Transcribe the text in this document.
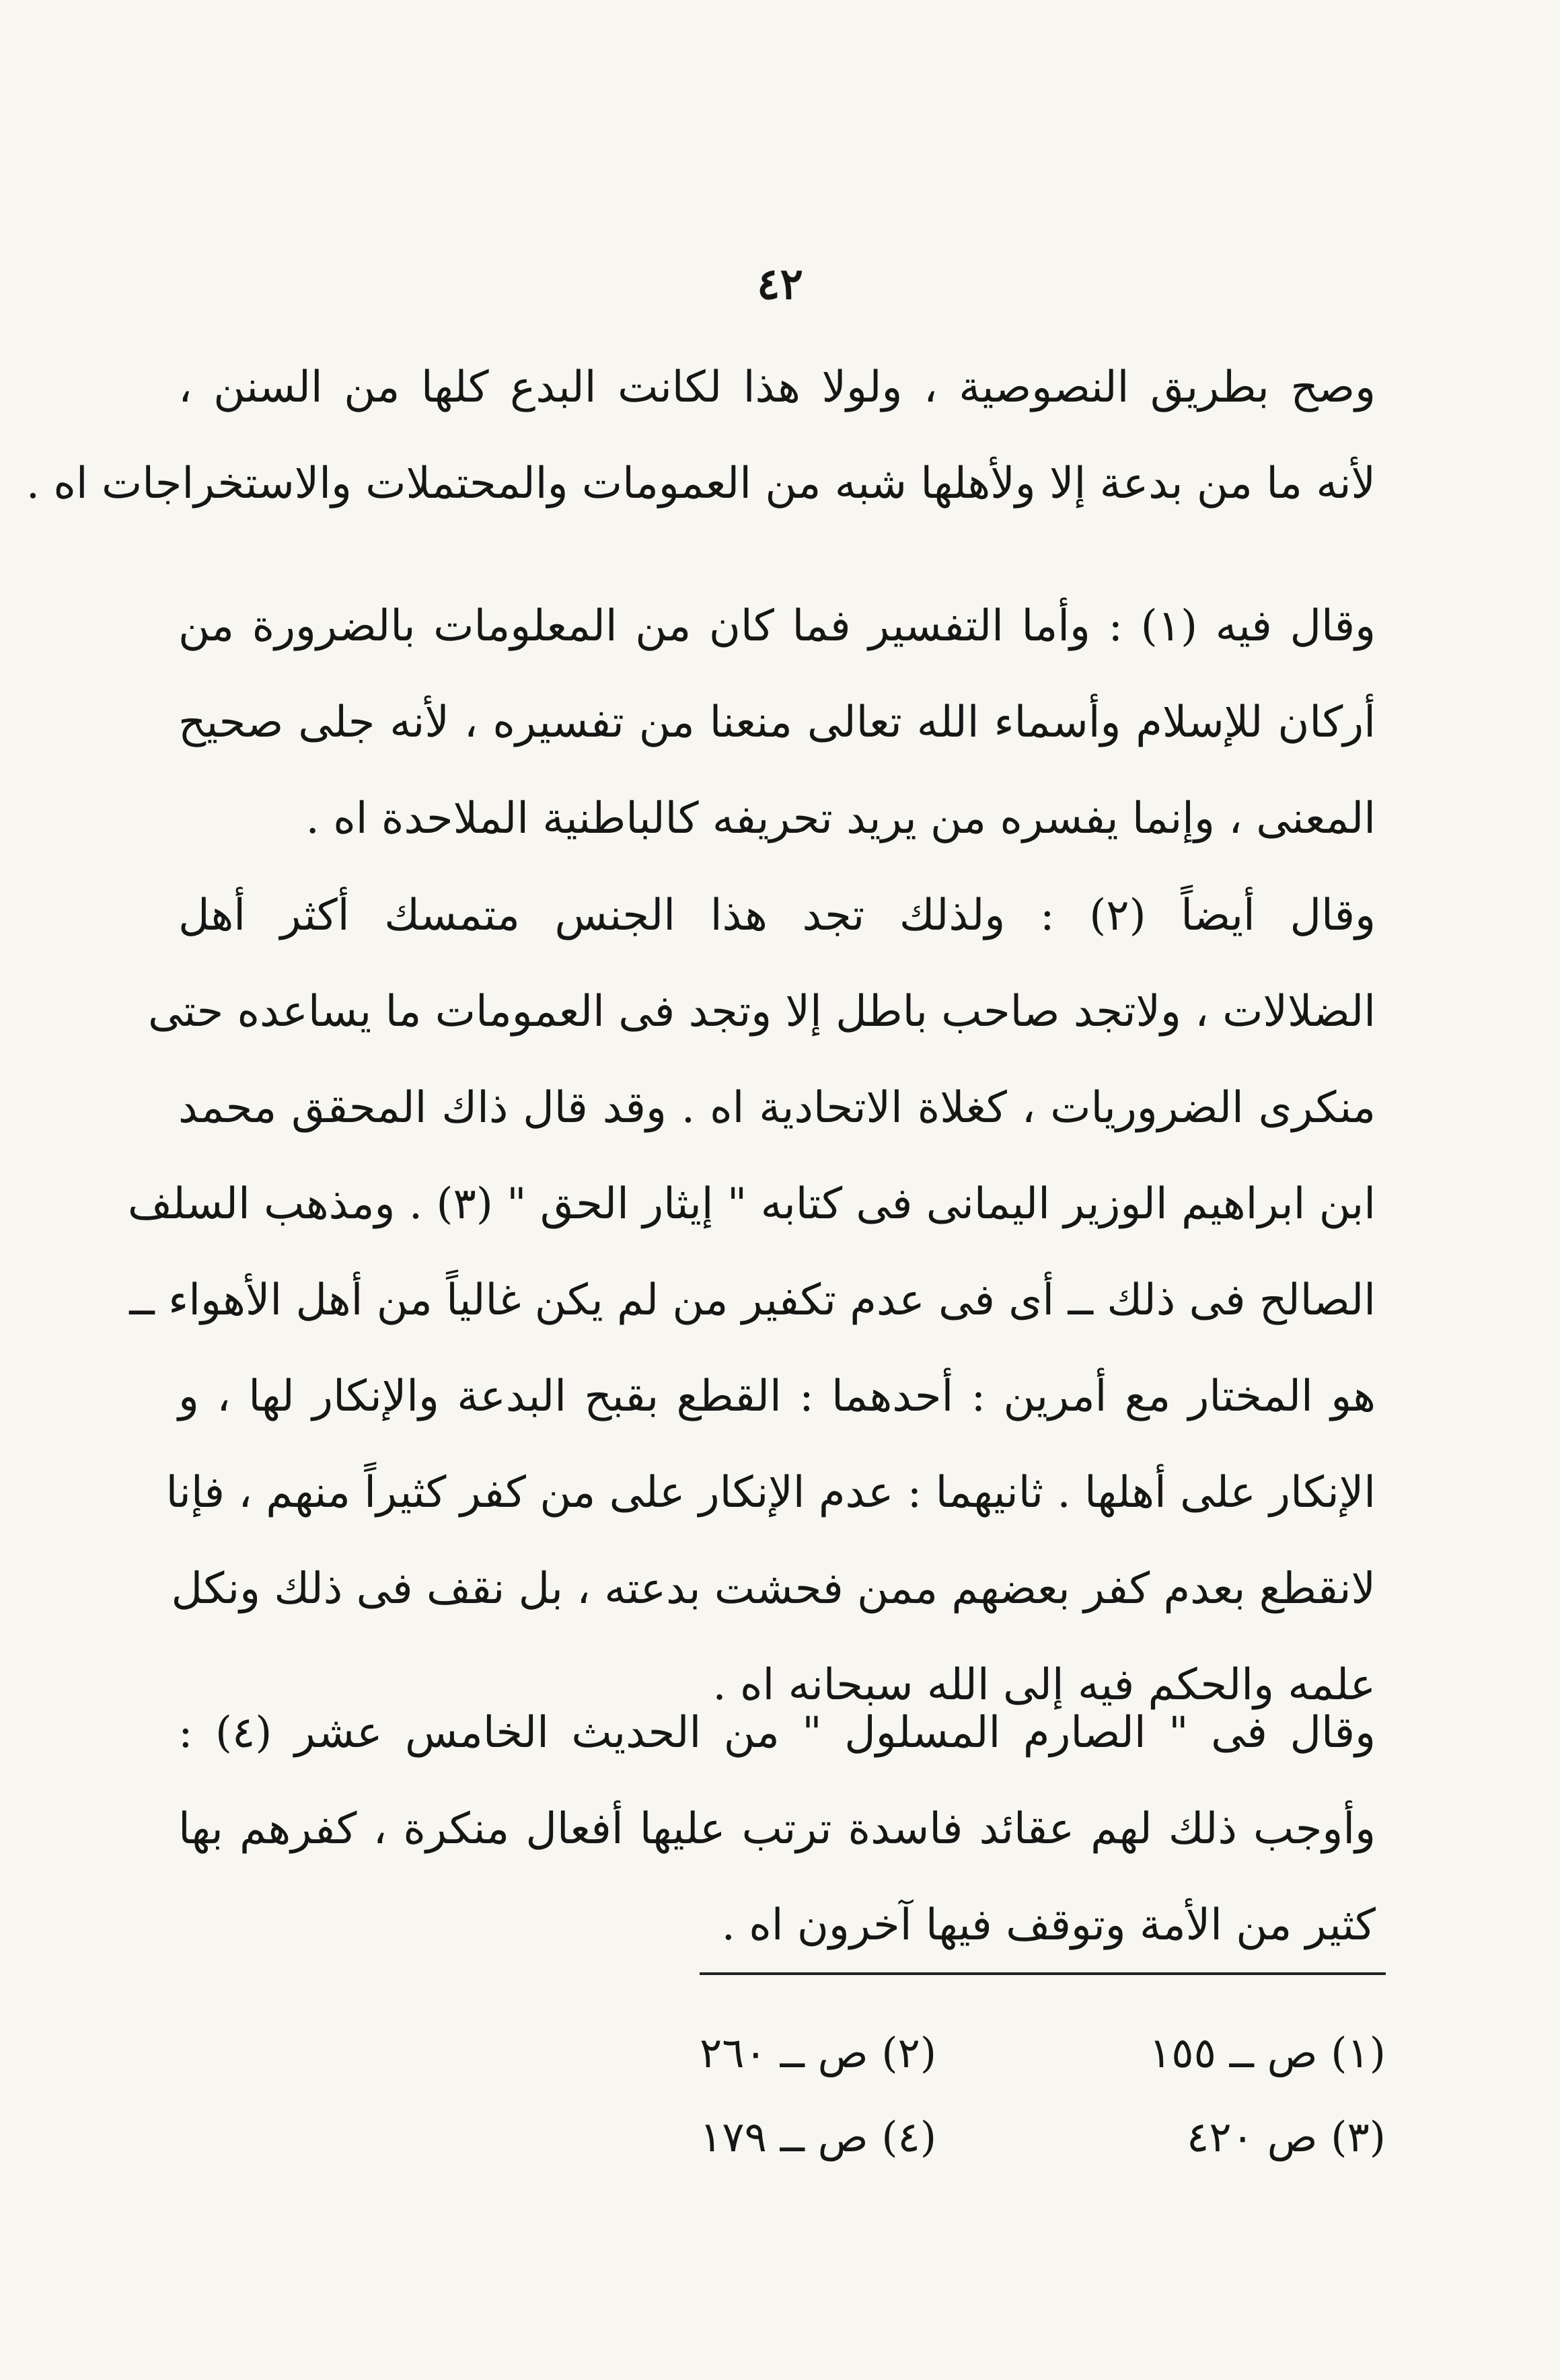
٤٢
وصح بطريق النصوصية ، ولولا هذا لكانت البدع كلها من السنن ،
لأنه ما من بدعة إلا ولأهلها شبه من العمومات والمحتملات والاستخراجات اه .
وقال فيه (١) : وأما التفسير فما كان من المعلومات بالضرورة من
أركان للإسلام وأسماء الله تعالى منعنا من تفسيره ، لأنه جلى صحيح
المعنى ، وإنما يفسره من يريد تحريفه كالباطنية الملاحدة اه .
وقال أيضاً (٢) : ولذلك تجد هذا الجنس متمسك أكثر أهل
الضلالات ، ولاتجد صاحب باطل إلا وتجد فى العمومات ما يساعده حتى
منكرى الضروريات ، كغلاة الاتحادية اه . وقد قال ذاك المحقق محمد
ابن ابراهيم الوزير اليمانى فى كتابه " إيثار الحق " (٣) . ومذهب السلف
الصالح فى ذلك ــ أى فى عدم تكفير من لم يكن غالياً من أهل الأهواء ــ
هو المختار مع أمرين : أحدهما : القطع بقبح البدعة والإنكار لها ، و
الإنكار على أهلها . ثانيهما : عدم الإنكار على من كفر كثيراً منهم ، فإنا
لانقطع بعدم كفر بعضهم ممن فحشت بدعته ، بل نقف فى ذلك ونكل
علمه والحكم فيه إلى الله سبحانه اه .
وقال فى " الصارم المسلول " من الحديث الخامس عشر (٤) :
وأوجب ذلك لهم عقائد فاسدة ترتب عليها أفعال منكرة ، كفرهم بها
كثير من الأمة وتوقف فيها آخرون اه .
(١) ص ــ ١٥٥
(٢) ص ــ ٢٦٠
(٣) ص ٤٢٠
(٤) ص ــ ١٧٩
